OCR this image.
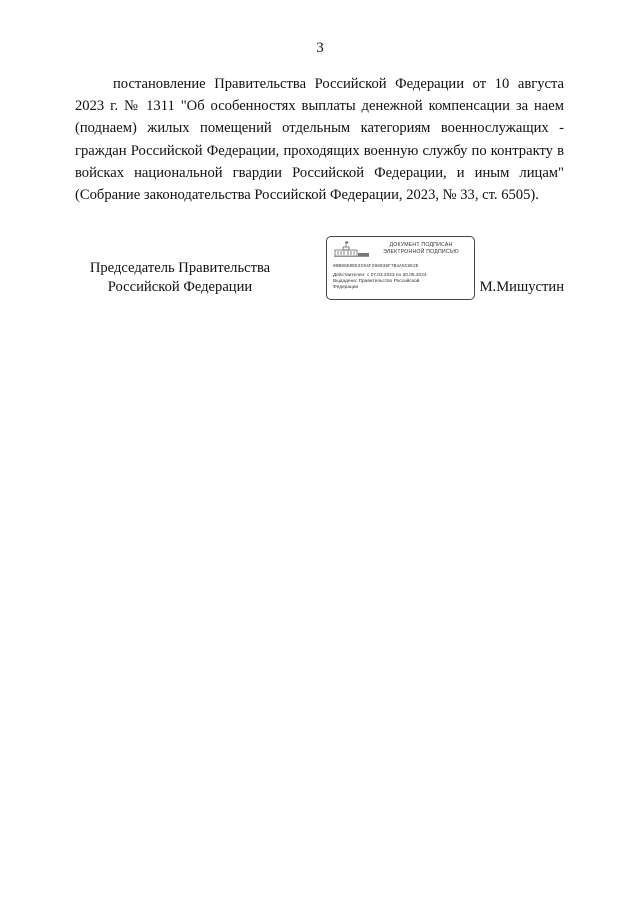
3

постановление Правительства Российской Федерации от 10 августа 2023 г. № 1311 "Об особенностях выплаты денежной компенсации за наем (поднаем) жилых помещений отдельным категориям военнослужащих - граждан Российской Федерации, проходящих военную службу по контракту в войсках национальной гвардии Российской Федерации, и иным лицам" (Собрание законодательства Российской Федерации, 2023, № 33, ст. 6505).

Председатель Правительства
Российской Федерации
ДОКУМЕНТ ПОДПИСАН
ЭЛЕКТРОННОЙ ПОДПИСЬЮ
00B96E0EE3C04F298036F7B4A5C8E2E
Действителен: с 07.03.2023 по 30.05.2024
Выдадена: Правительство Российской
Федерации	М.Мишустин
